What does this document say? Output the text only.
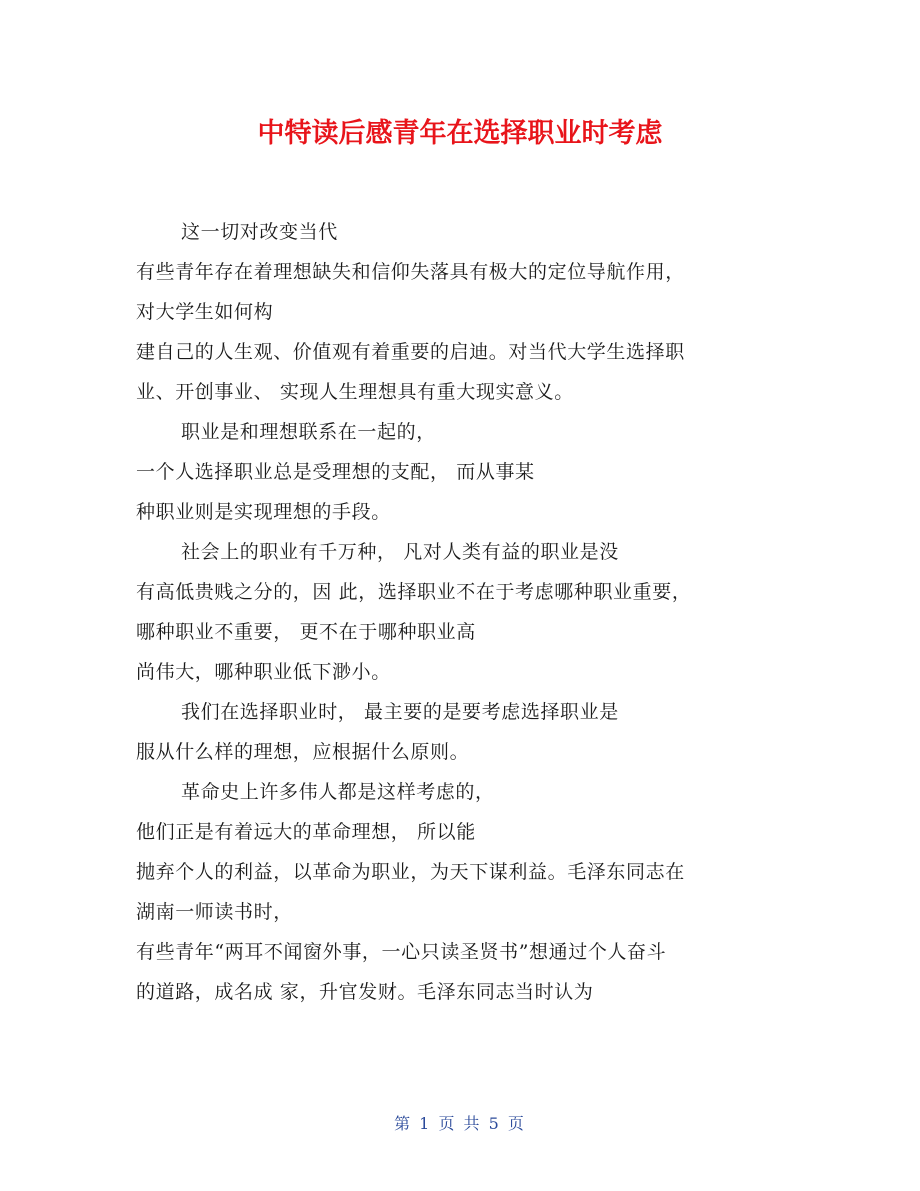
中特读后感青年在选择职业时考虑
这一切对改变当代
有些青年存在着理想缺失和信仰失落具有极大的定位导航作用，
对大学生如何构
建自己的人生观、价值观有着重要的启迪。对当代大学生选择职
业、开创事业、 实现人生理想具有重大现实意义。
职业是和理想联系在一起的，
一个人选择职业总是受理想的支配， 而从事某
种职业则是实现理想的手段。
社会上的职业有千万种， 凡对人类有益的职业是没
有高低贵贱之分的，因 此，选择职业不在于考虑哪种职业重要，
哪种职业不重要， 更不在于哪种职业高
尚伟大，哪种职业低下渺小。
我们在选择职业时， 最主要的是要考虑选择职业是
服从什么样的理想，应根据什么原则。
革命史上许多伟人都是这样考虑的，
他们正是有着远大的革命理想， 所以能
抛弃个人的利益，以革命为职业，为天下谋利益。毛泽东同志在
湖南一师读书时，
有些青年“两耳不闻窗外事，一心只读圣贤书”想通过个人奋斗
的道路，成名成 家，升官发财。毛泽东同志当时认为
第 1 页 共 5 页
